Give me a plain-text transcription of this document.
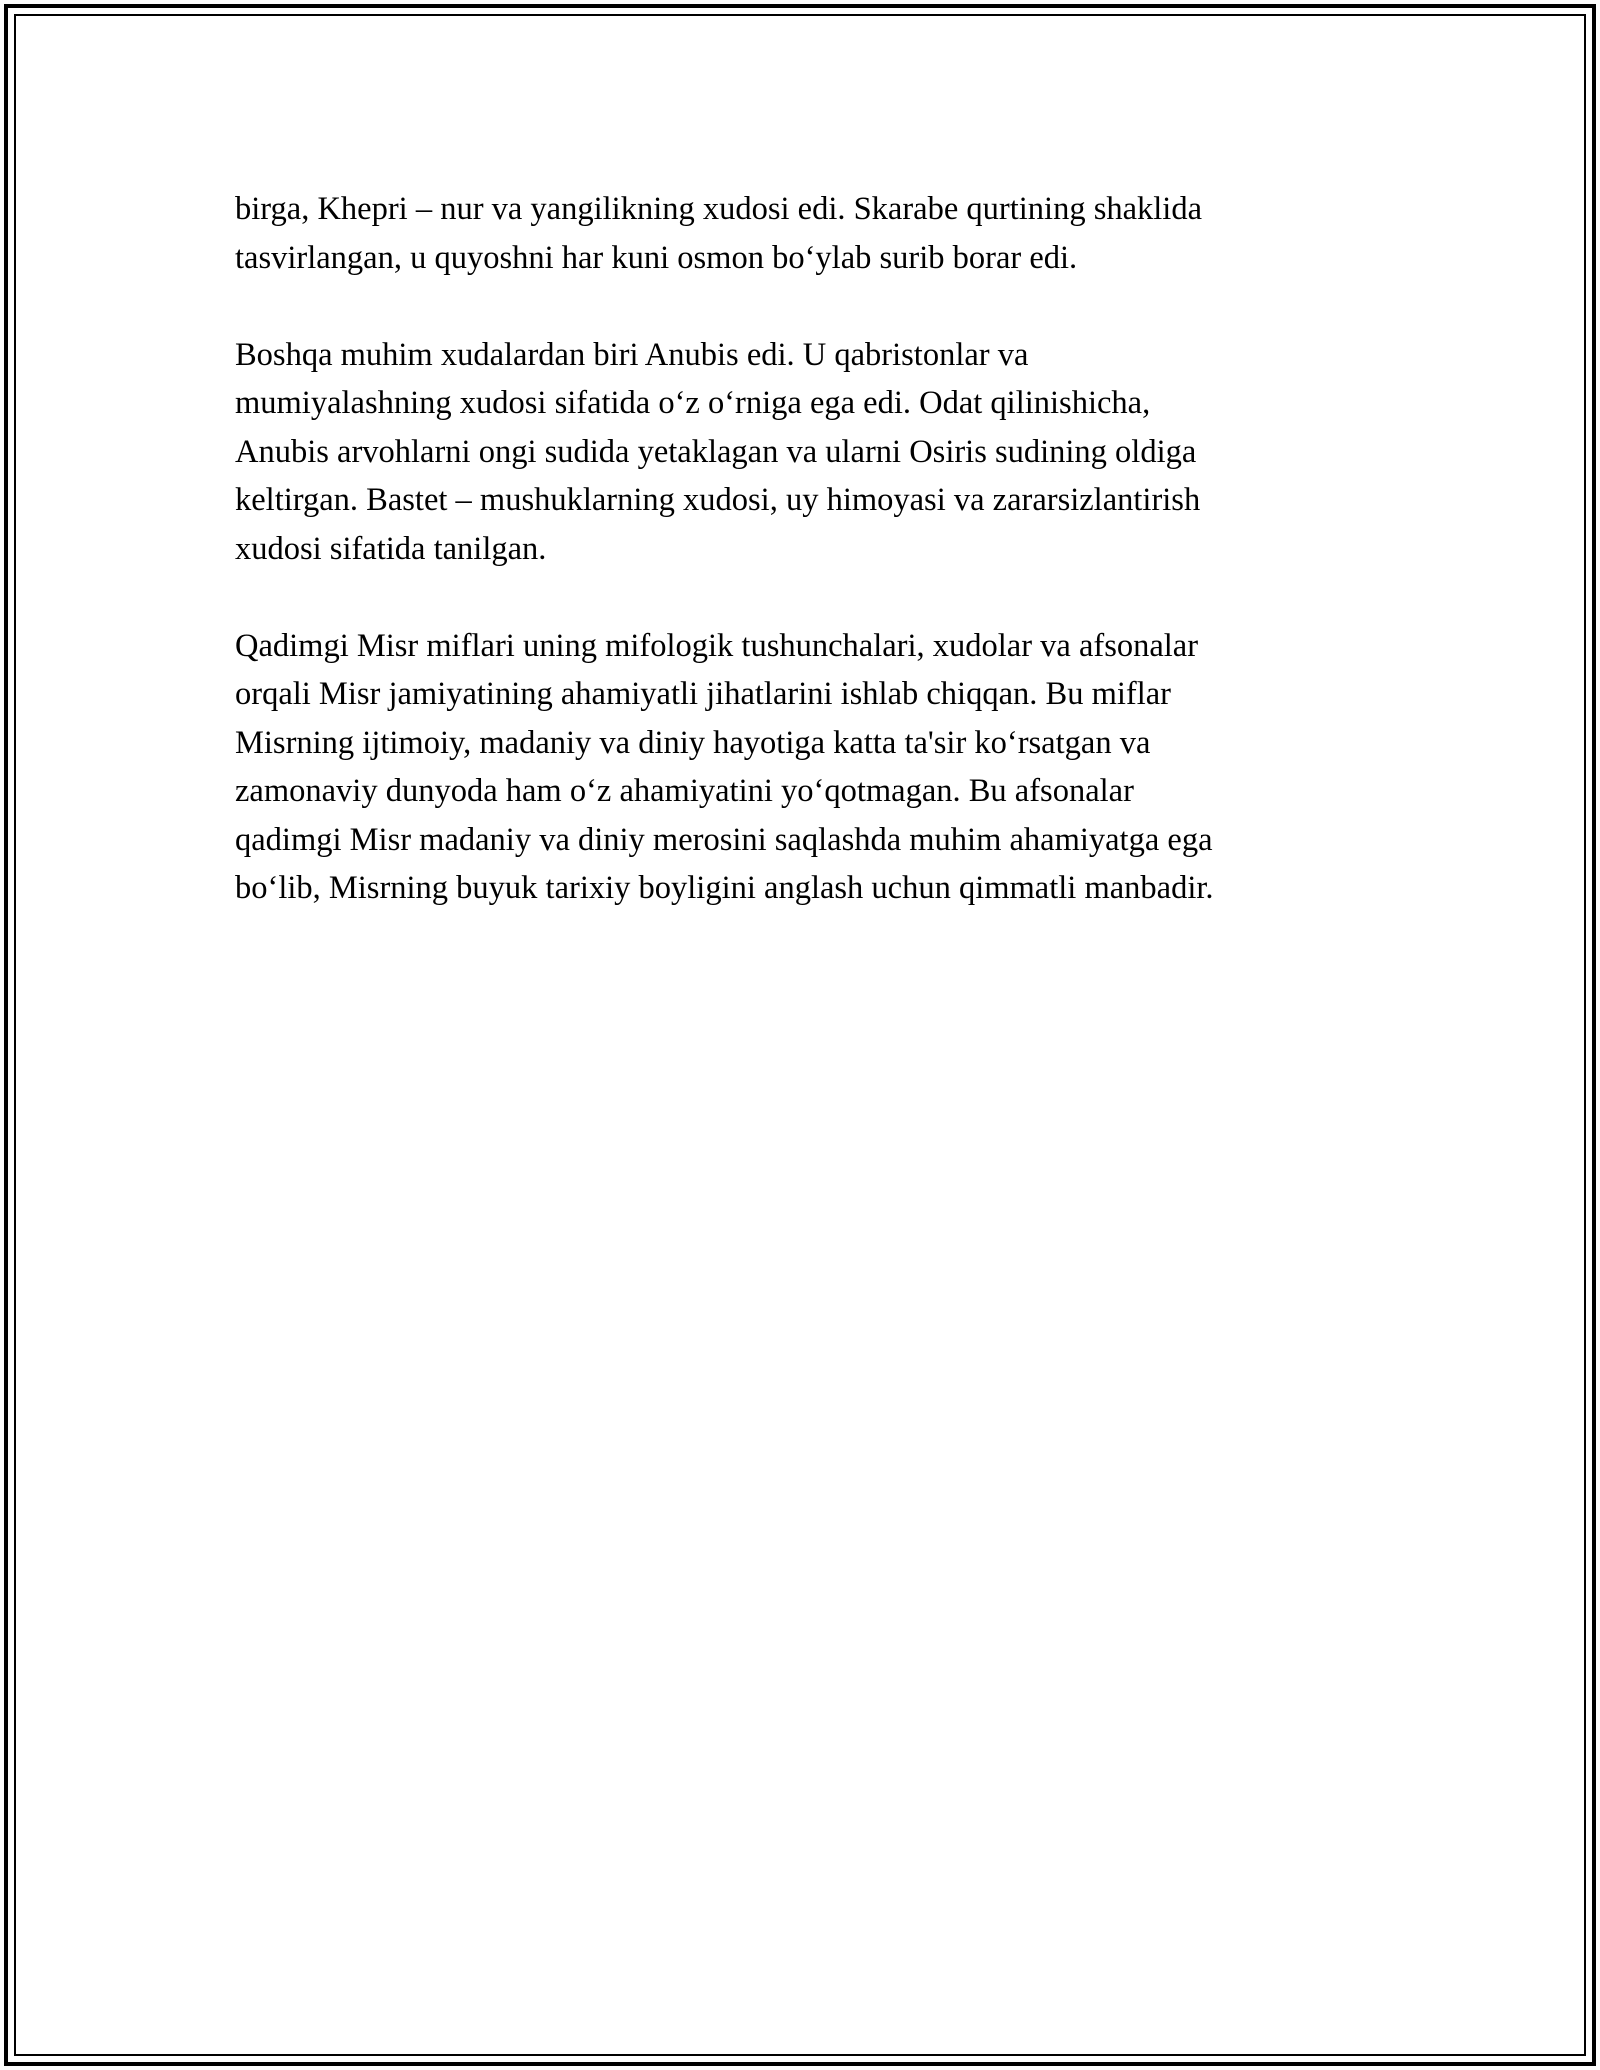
birga, Khepri – nur va yangilikning xudosi edi. Skarabe qurtining shaklida
tasvirlangan, u quyoshni har kuni osmon bo‘ylab surib borar edi.

Boshqa muhim xudalardan biri Anubis edi. U qabristonlar va
mumiyalashning xudosi sifatida o‘z o‘rniga ega edi. Odat qilinishicha,
Anubis arvohlarni ongi sudida yetaklagan va ularni Osiris sudining oldiga
keltirgan. Bastet – mushuklarning xudosi, uy himoyasi va zararsizlantirish
xudosi sifatida tanilgan.

Qadimgi Misr miflari uning mifologik tushunchalari, xudolar va afsonalar
orqali Misr jamiyatining ahamiyatli jihatlarini ishlab chiqqan. Bu miflar
Misrning ijtimoiy, madaniy va diniy hayotiga katta ta'sir ko‘rsatgan va
zamonaviy dunyoda ham o‘z ahamiyatini yo‘qotmagan. Bu afsonalar
qadimgi Misr madaniy va diniy merosini saqlashda muhim ahamiyatga ega
bo‘lib, Misrning buyuk tarixiy boyligini anglash uchun qimmatli manbadir.
